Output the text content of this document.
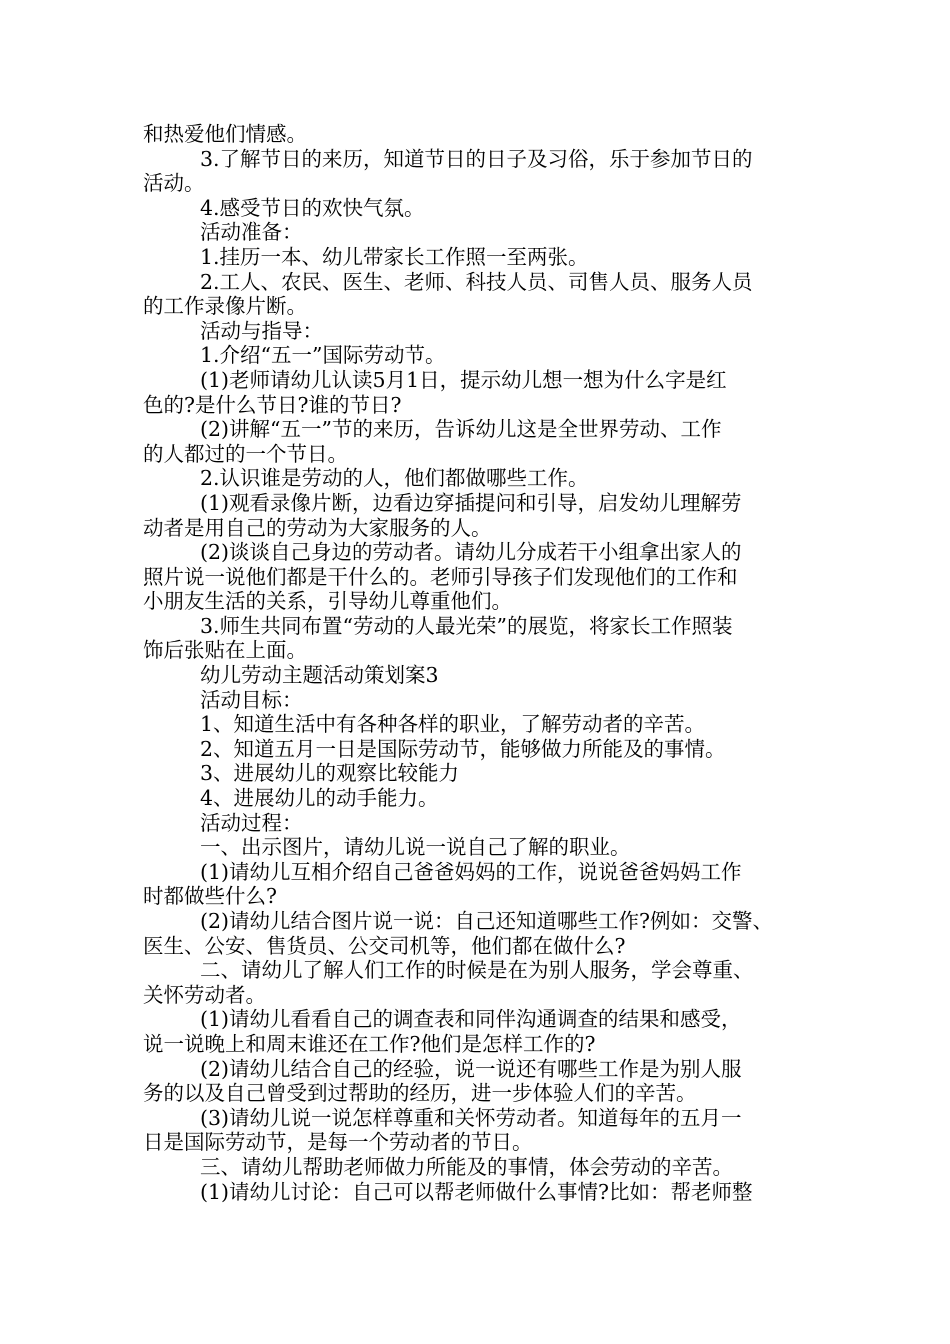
和热爱他们情感。
3.了解节日的来历，知道节日的日子及习俗，乐于参加节日的
活动。
4.感受节日的欢快气氛。
活动准备：
1.挂历一本、幼儿带家长工作照一至两张。
2.工人、农民、医生、老师、科技人员、司售人员、服务人员
的工作录像片断。
活动与指导：
1.介绍“五一”国际劳动节。
(1)老师请幼儿认读5月1日，提示幼儿想一想为什么字是红
色的?是什么节日?谁的节日?
(2)讲解“五一”节的来历，告诉幼儿这是全世界劳动、工作
的人都过的一个节日。
2.认识谁是劳动的人，他们都做哪些工作。
(1)观看录像片断，边看边穿插提问和引导，启发幼儿理解劳
动者是用自己的劳动为大家服务的人。
(2)谈谈自己身边的劳动者。请幼儿分成若干小组拿出家人的
照片说一说他们都是干什么的。老师引导孩子们发现他们的工作和
小朋友生活的关系，引导幼儿尊重他们。
3.师生共同布置“劳动的人最光荣”的展览，将家长工作照装
饰后张贴在上面。
幼儿劳动主题活动策划案3
活动目标：
1、知道生活中有各种各样的职业，了解劳动者的辛苦。
2、知道五月一日是国际劳动节，能够做力所能及的事情。
3、进展幼儿的观察比较能力
4、进展幼儿的动手能力。
活动过程：
一、出示图片，请幼儿说一说自己了解的职业。
(1)请幼儿互相介绍自己爸爸妈妈的工作，说说爸爸妈妈工作
时都做些什么?
(2)请幼儿结合图片说一说：自己还知道哪些工作?例如：交警、
医生、公安、售货员、公交司机等，他们都在做什么?
二、请幼儿了解人们工作的时候是在为别人服务，学会尊重、
关怀劳动者。
(1)请幼儿看看自己的调查表和同伴沟通调查的结果和感受，
说一说晚上和周末谁还在工作?他们是怎样工作的?
(2)请幼儿结合自己的经验，说一说还有哪些工作是为别人服
务的以及自己曾受到过帮助的经历，进一步体验人们的辛苦。
(3)请幼儿说一说怎样尊重和关怀劳动者。知道每年的五月一
日是国际劳动节，是每一个劳动者的节日。
三、请幼儿帮助老师做力所能及的事情，体会劳动的辛苦。
(1)请幼儿讨论：自己可以帮老师做什么事情?比如：帮老师整
